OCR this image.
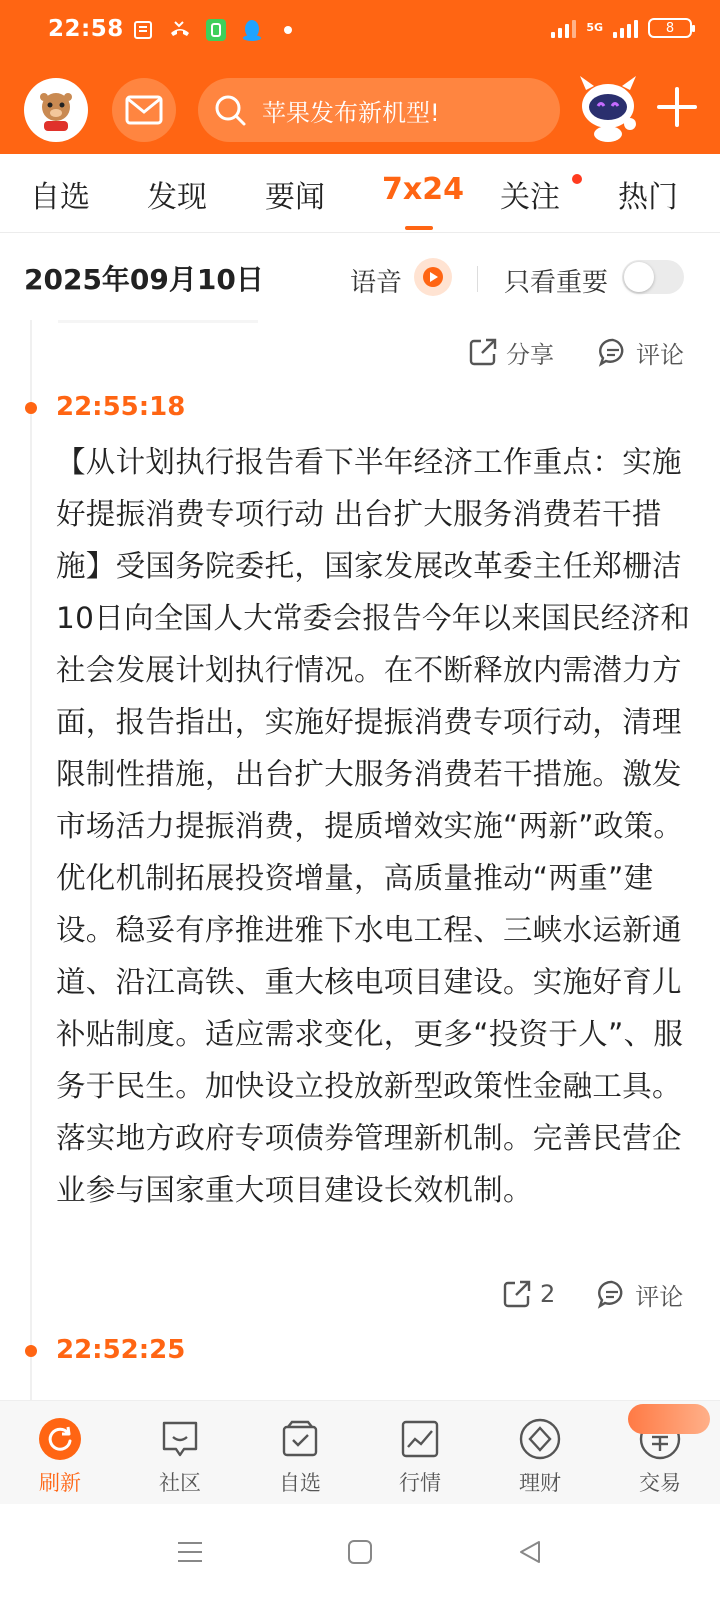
22:58	5G	8
苹果发布新机型!
自选 发现 要闻 7x24 关注 热门
2025年09月10日	语音	只看重要
分享	评论
22:55:18
【从计划执行报告看下半年经济工作重点：实施好提振消费专项行动 出台扩大服务消费若干措施】受国务院委托，国家发展改革委主任郑栅洁10日向全国人大常委会报告今年以来国民经济和社会发展计划执行情况。在不断释放内需潜力方面，报告指出，实施好提振消费专项行动，清理限制性措施，出台扩大服务消费若干措施。激发市场活力提振消费，提质增效实施“两新”政策。优化机制拓展投资增量，高质量推动“两重”建设。稳妥有序推进雅下水电工程、三峡水运新通道、沿江高铁、重大核电项目建设。实施好育儿补贴制度。适应需求变化，更多“投资于人”、服务于民生。加快设立投放新型政策性金融工具。落实地方政府专项债券管理新机制。完善民营企业参与国家重大项目建设长效机制。
2	评论
22:52:25
刷新	社区	自选	行情	理财	交易
